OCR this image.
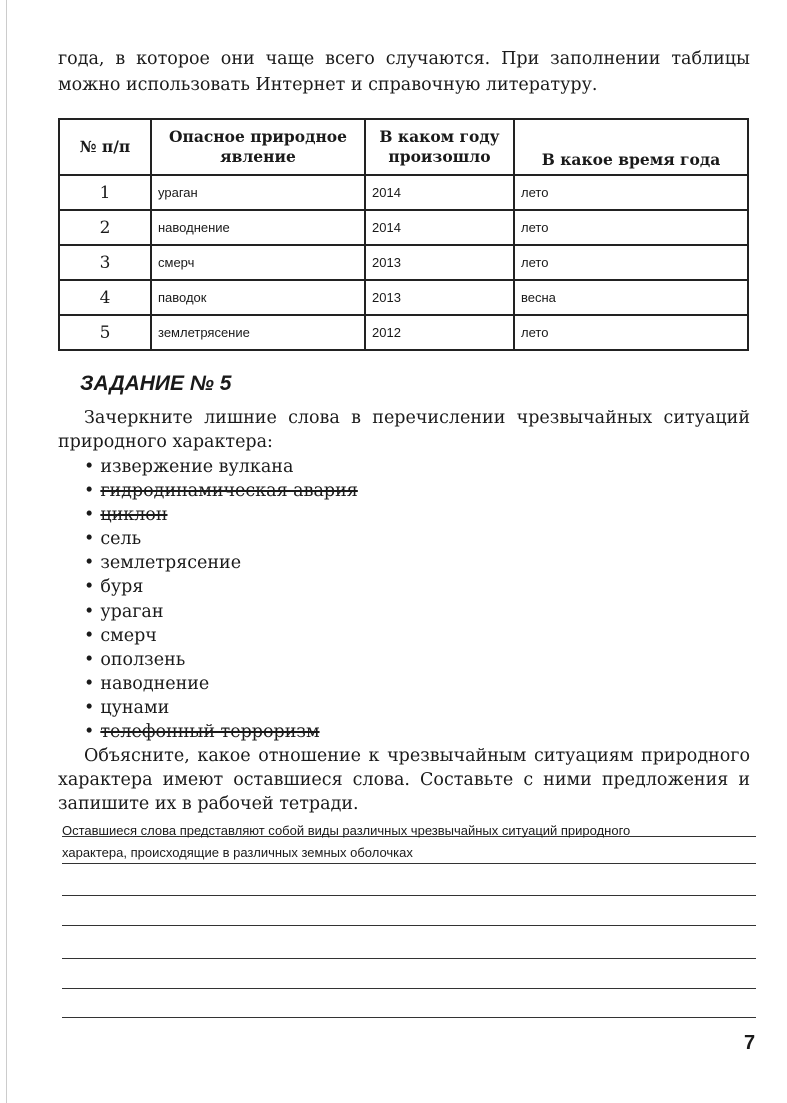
года, в которое они чаще всего случаются. При заполнении таблицы можно использовать Интернет и справочную литературу.
№ п/п	Опасное природное явление	В каком году произошло	В какое время года
1	ураган	2014	лето
2	наводнение	2014	лето
3	смерч	2013	лето
4	паводок	2013	весна
5	землетрясение	2012	лето
ЗАДАНИЕ № 5
Зачеркните лишние слова в перечислении чрезвычайных ситуаций природного характера:
• извержение вулкана
• гидродинамическая авария
• циклон
• сель
• землетрясение
• буря
• ураган
• смерч
• оползень
• наводнение
• цунами
• телефонный терроризм
Объясните, какое отношение к чрезвычайным ситуациям природного характера имеют оставшиеся слова. Составьте с ними предложения и запишите их в рабочей тетради.
Оставшиеся слова представляют собой виды различных чрезвычайных ситуаций природного
характера, происходящие в различных земных оболочках
7
